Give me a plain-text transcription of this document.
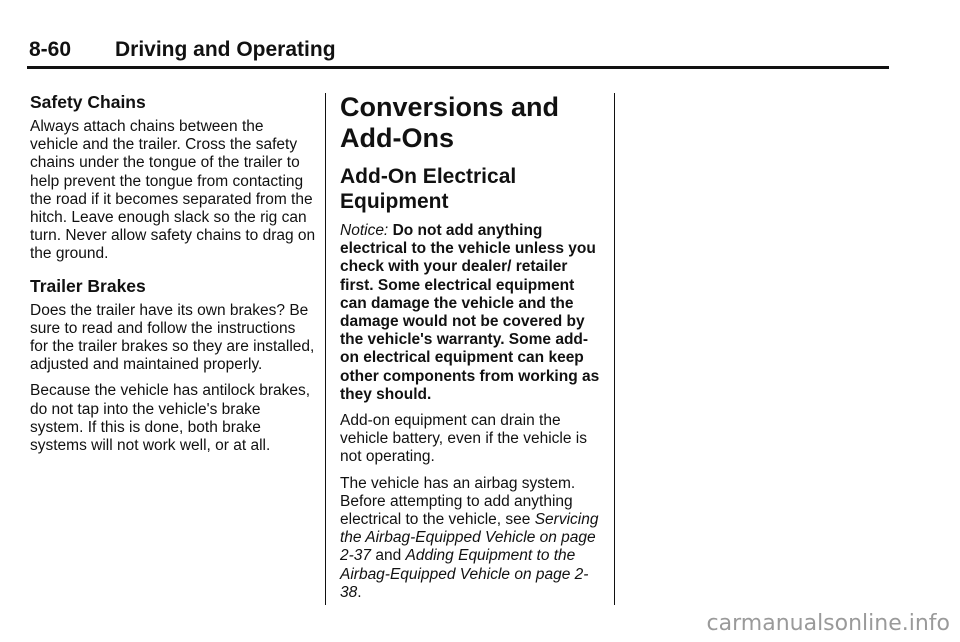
8-60 Driving and Operating
Safety Chains

Always attach chains between the vehicle and the trailer. Cross the safety chains under the tongue of the trailer to help prevent the tongue from contacting the road if it becomes separated from the hitch. Leave enough slack so the rig can turn. Never allow safety chains to drag on the ground.

Trailer Brakes

Does the trailer have its own brakes? Be sure to read and follow the instructions for the trailer brakes so they are installed, adjusted and maintained properly.

Because the vehicle has antilock brakes, do not tap into the vehicle's brake system. If this is done, both brake systems will not work well, or at all.

Conversions and Add-Ons
Add-On Electrical Equipment

Notice: Do not add anything electrical to the vehicle unless you check with your dealer/ retailer first. Some electrical equipment can damage the vehicle and the damage would not be covered by the vehicle's warranty. Some add-on electrical equipment can keep other components from working as they should.

Add-on equipment can drain the vehicle battery, even if the vehicle is not operating.

The vehicle has an airbag system. Before attempting to add anything electrical to the vehicle, see Servicing the Airbag-Equipped Vehicle on page 2-37 and Adding Equipment to the Airbag-Equipped Vehicle on page 2-38.

carmanualsonline.info
